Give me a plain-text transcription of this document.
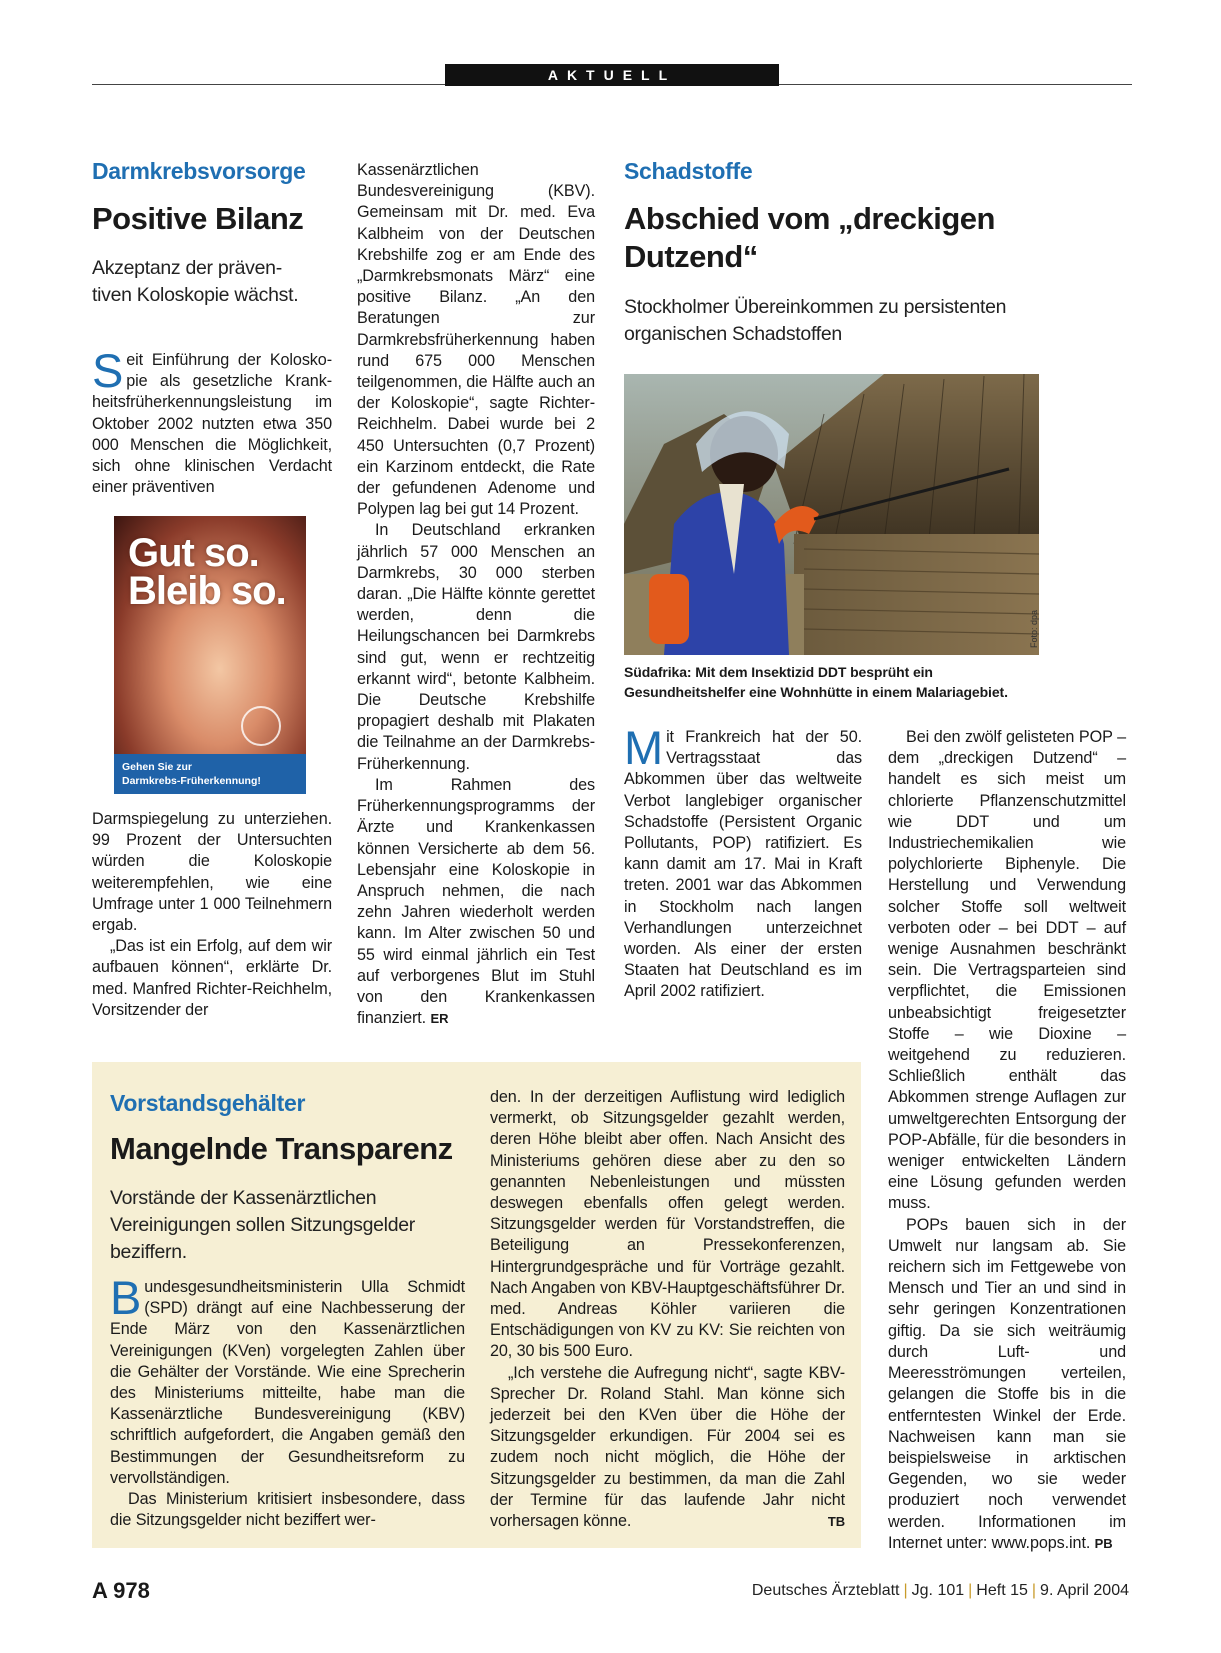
AKTUELL
Darmkrebsvorsorge
Positive Bilanz
Akzeptanz der präven-
tiven Koloskopie wächst.

Seit Einführung der Kolosko- pie als gesetzliche Krank- heitsfrüherkennungsleistung im Oktober 2002 nutzten etwa 350 000 Menschen die Möglichkeit, sich ohne klinischen Verdacht einer präventiven

Gut so.
Bleib so.
Gehen Sie zur
Darmkrebs-Früherkennung!

Darmspiegelung zu unterziehen. 99 Prozent der Untersuchten würden die Koloskopie weiterempfehlen, wie eine Umfrage unter 1 000 Teilnehmern ergab.

„Das ist ein Erfolg, auf dem wir aufbauen können“, erklärte Dr. med. Manfred Richter-Reichhelm, Vorsitzender der

Kassenärztlichen Bundesvereinigung (KBV). Gemeinsam mit Dr. med. Eva Kalbheim von der Deutschen Krebshilfe zog er am Ende des „Darmkrebsmonats März“ eine positive Bilanz. „An den Beratungen zur Darmkrebsfrüherkennung haben rund 675 000 Menschen teilgenommen, die Hälfte auch an der Koloskopie“, sagte Richter-Reichhelm. Dabei wurde bei 2 450 Untersuchten (0,7 Prozent) ein Karzinom entdeckt, die Rate der gefundenen Adenome und Polypen lag bei gut 14 Prozent.

In Deutschland erkranken jährlich 57 000 Menschen an Darmkrebs, 30 000 sterben daran. „Die Hälfte könnte gerettet werden, denn die Heilungschancen bei Darmkrebs sind gut, wenn er rechtzeitig erkannt wird“, betonte Kalbheim. Die Deutsche Krebshilfe propagiert deshalb mit Plakaten die Teilnahme an der Darmkrebs-Früherkennung.

Im Rahmen des Früherkennungsprogramms der Ärzte und Krankenkassen können Versicherte ab dem 56. Lebensjahr eine Koloskopie in Anspruch nehmen, die nach zehn Jahren wiederholt werden kann. Im Alter zwischen 50 und 55 wird einmal jährlich ein Test auf verborgenes Blut im Stuhl von den Krankenkassen finanziert. ER

Schadstoffe
Abschied vom „dreckigen Dutzend“
Stockholmer Übereinkommen zu persistenten organischen Schadstoffen
Foto: dpa
Südafrika: Mit dem Insektizid DDT besprüht ein Gesundheitshelfer eine Wohnhütte in einem Malariagebiet.

Mit Frankreich hat der 50. Vertragsstaat das Abkommen über das weltweite Verbot langlebiger organischer Schadstoffe (Persistent Organic Pollutants, POP) ratifiziert. Es kann damit am 17. Mai in Kraft treten. 2001 war das Abkommen in Stockholm nach langen Verhandlungen unterzeichnet worden. Als einer der ersten Staaten hat Deutschland es im April 2002 ratifiziert.

Bei den zwölf gelisteten POP – dem „dreckigen Dutzend“ – handelt es sich meist um chlorierte Pflanzenschutzmittel wie DDT und um Industriechemikalien wie polychlorierte Biphenyle. Die Herstellung und Verwendung solcher Stoffe soll weltweit verboten oder – bei DDT – auf wenige Ausnahmen beschränkt sein. Die Vertragsparteien sind verpflichtet, die Emissionen unbeabsichtigt freigesetzter Stoffe – wie Dioxine – weitgehend zu reduzieren. Schließlich enthält das Abkommen strenge Auflagen zur umweltgerechten Entsorgung der POP-Abfälle, für die besonders in weniger entwickelten Ländern eine Lösung gefunden werden muss.

POPs bauen sich in der Umwelt nur langsam ab. Sie reichern sich im Fettgewebe von Mensch und Tier an und sind in sehr geringen Konzentrationen giftig. Da sie sich weiträumig durch Luft- und Meeresströmungen verteilen, gelangen die Stoffe bis in die entferntesten Winkel der Erde. Nachweisen kann man sie beispielsweise in arktischen Gegenden, wo sie weder produziert noch verwendet werden. Informationen im Internet unter: www.pops.int. PB

Vorstandsgehälter
Mangelnde Transparenz
Vorstände der Kassenärztlichen Vereinigungen sollen Sitzungsgelder beziffern.

Bundesgesundheitsministerin Ulla Schmidt (SPD) drängt auf eine Nachbesserung der Ende März von den Kassenärztlichen Vereinigungen (KVen) vorgelegten Zahlen über die Gehälter der Vorstände. Wie eine Sprecherin des Ministeriums mitteilte, habe man die Kassenärztliche Bundesvereinigung (KBV) schriftlich aufgefordert, die Angaben gemäß den Bestimmungen der Gesundheitsreform zu vervollständigen.

Das Ministerium kritisiert insbesondere, dass die Sitzungsgelder nicht beziffert wer-

den. In der derzeitigen Auflistung wird lediglich vermerkt, ob Sitzungsgelder gezahlt werden, deren Höhe bleibt aber offen. Nach Ansicht des Ministeriums gehören diese aber zu den so genannten Nebenleistungen und müssten deswegen ebenfalls offen gelegt werden. Sitzungsgelder werden für Vorstandstreffen, die Beteiligung an Pressekonferenzen, Hintergrundgespräche und für Vorträge gezahlt. Nach Angaben von KBV-Hauptgeschäftsführer Dr. med. Andreas Köhler variieren die Entschädigungen von KV zu KV: Sie reichten von 20, 30 bis 500 Euro.

„Ich verstehe die Aufregung nicht“, sagte KBV-Sprecher Dr. Roland Stahl. Man könne sich jederzeit bei den KVen über die Höhe der Sitzungsgelder erkundigen. Für 2004 sei es zudem noch nicht möglich, die Höhe der Sitzungsgelder zu bestimmen, da man die Zahl der Termine für das laufende Jahr nicht vorhersagen könne.	TB

A 978	Deutsches Ärzteblatt | Jg. 101 | Heft 15 | 9. April 2004
